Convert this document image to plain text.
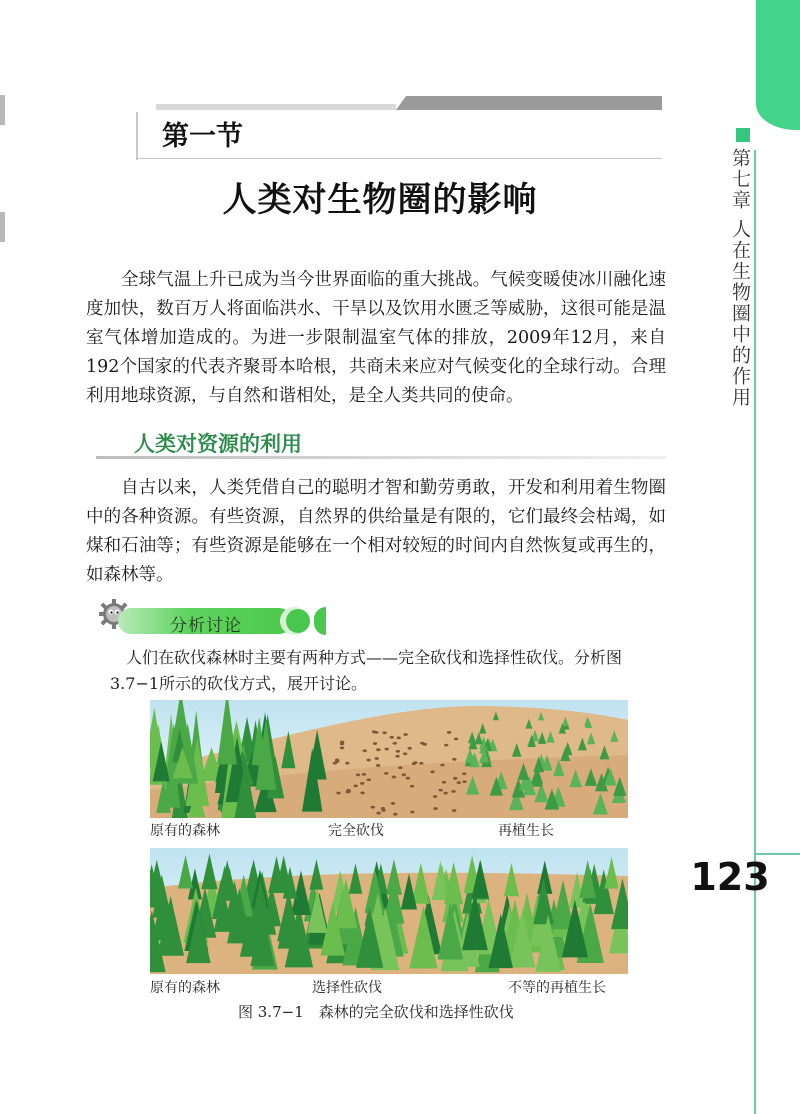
第七章人在生物圈中的作用
123
第一节
人类对生物圈的影响
全球气温上升已成为当今世界面临的重大挑战。气候变暖使冰川融化速度加快，数百万人将面临洪水、干旱以及饮用水匮乏等威胁，这很可能是温室气体增加造成的。为进一步限制温室气体的排放，2009年12月，来自192个国家的代表齐聚哥本哈根，共商未来应对气候变化的全球行动。合理利用地球资源，与自然和谐相处，是全人类共同的使命。
人类对资源的利用
自古以来，人类凭借自己的聪明才智和勤劳勇敢，开发和利用着生物圈中的各种资源。有些资源，自然界的供给量是有限的，它们最终会枯竭，如煤和石油等；有些资源是能够在一个相对较短的时间内自然恢复或再生的，如森林等。
分析讨论
人们在砍伐森林时主要有两种方式——完全砍伐和选择性砍伐。分析图3.7−1所示的砍伐方式，展开讨论。
原有的森林	完全砍伐	再植生长
原有的森林	选择性砍伐	不等的再植生长
图 3.7−1　森林的完全砍伐和选择性砍伐
